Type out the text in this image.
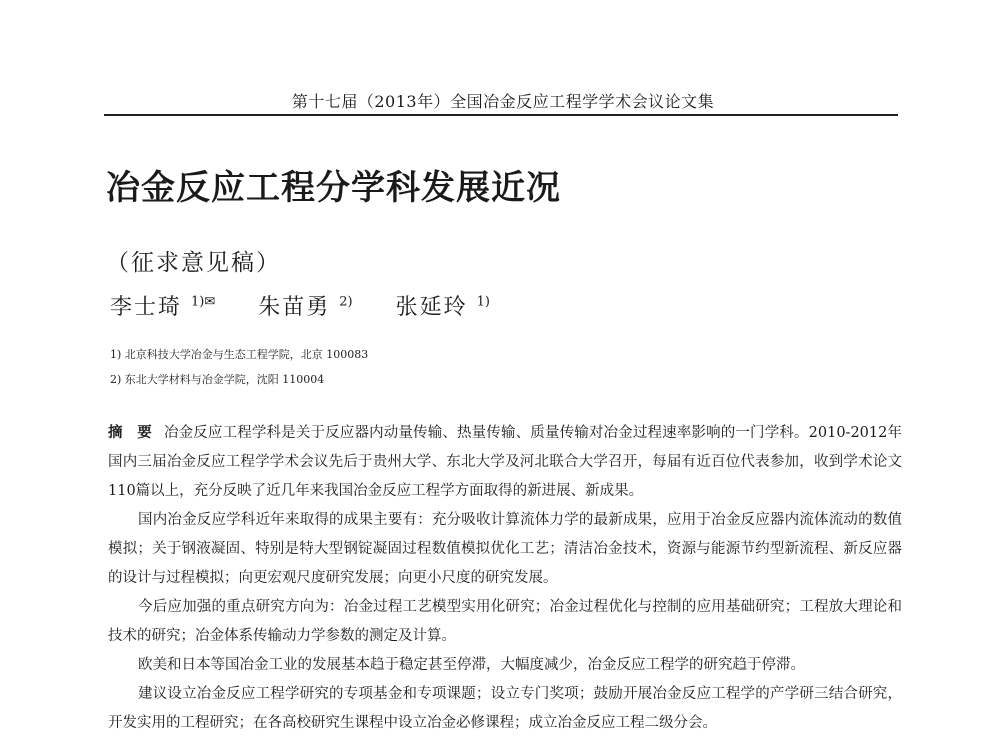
第十七届（2013年）全国冶金反应工程学学术会议论文集
冶金反应工程分学科发展近况
（征求意见稿）
李士琦 $^{1)✉}$ 朱苗勇 $^{2)}$ 张延玲 $^{1)}$
1) 北京科技大学冶金与生态工程学院，北京 100083
2) 东北大学材料与冶金学院，沈阳 110004

摘　要 冶金反应工程学科是关于反应器内动量传输、热量传输、质量传输对冶金过程速率影响的一门学科。2010-2012年国内三届冶金反应工程学学术会议先后于贵州大学、东北大学及河北联合大学召开，每届有近百位代表参加，收到学术论文110篇以上，充分反映了近几年来我国冶金反应工程学方面取得的新进展、新成果。

国内冶金反应学科近年来取得的成果主要有：充分吸收计算流体力学的最新成果，应用于冶金反应器内流体流动的数值模拟；关于钢液凝固、特别是特大型钢锭凝固过程数值模拟优化工艺；清洁冶金技术，资源与能源节约型新流程、新反应器的设计与过程模拟；向更宏观尺度研究发展；向更小尺度的研究发展。

今后应加强的重点研究方向为：冶金过程工艺模型实用化研究；冶金过程优化与控制的应用基础研究；工程放大理论和技术的研究；冶金体系传输动力学参数的测定及计算。

欧美和日本等国冶金工业的发展基本趋于稳定甚至停滞，大幅度减少，冶金反应工程学的研究趋于停滞。

建议设立冶金反应工程学研究的专项基金和专项课题；设立专门奖项；鼓励开展冶金反应工程学的产学研三结合研究，开发实用的工程研究；在各高校研究生课程中设立冶金必修课程；成立冶金反应工程二级分会。
